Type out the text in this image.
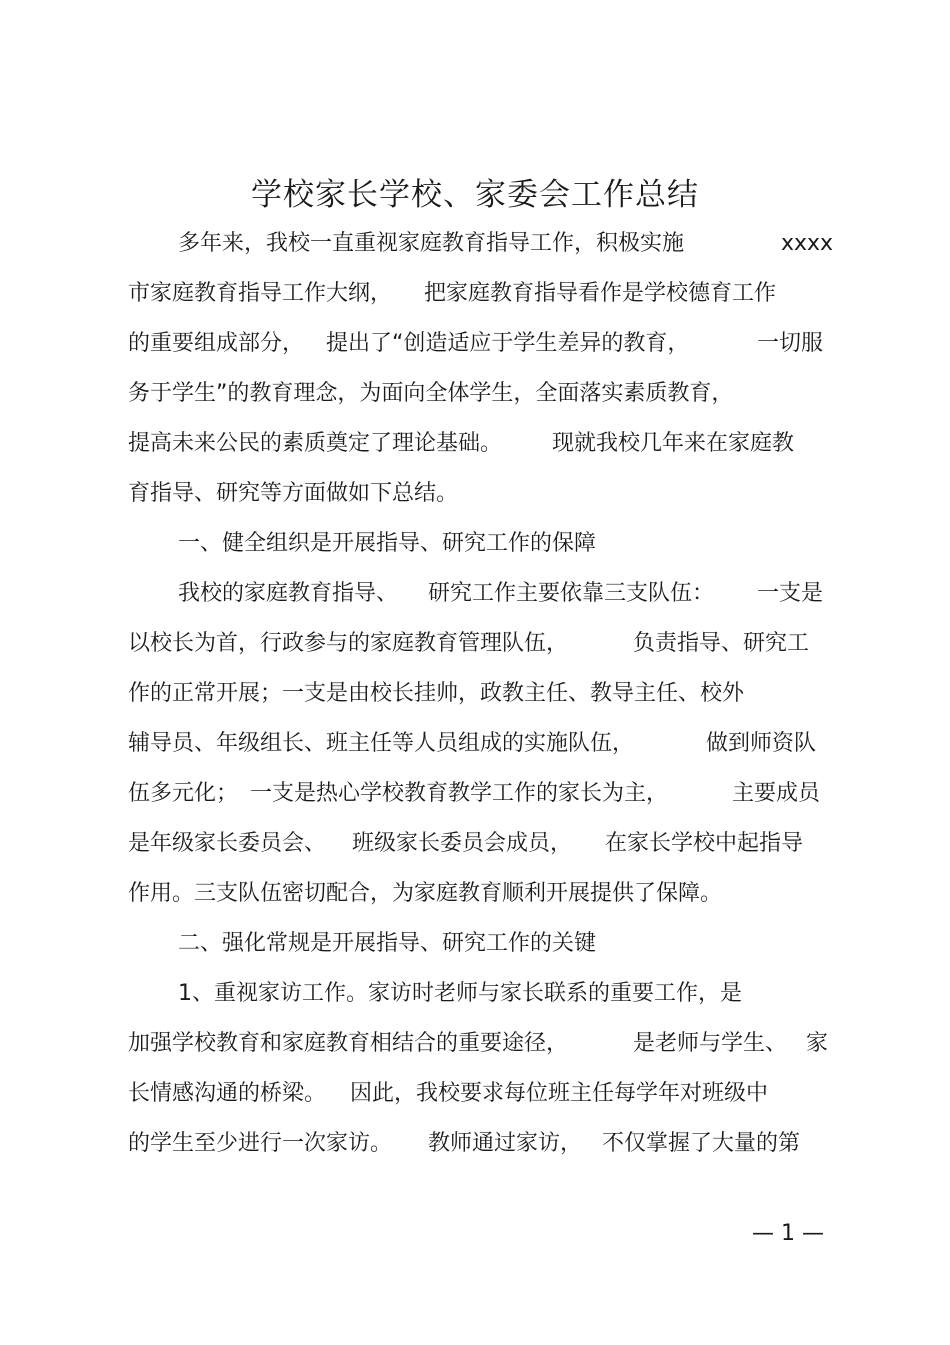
学校家长学校、家委会工作总结
多年来，我校一直重视家庭教育指导工作，积极实施	xxxx
市家庭教育指导工作大纲， 把家庭教育指导看作是学校德育工作
的重要组成部分， 提出了“创造适应于学生差异的教育，	一切服
务于学生”的教育理念，为面向全体学生，全面落实素质教育，
提高未来公民的素质奠定了理论基础。 现就我校几年来在家庭教
育指导、研究等方面做如下总结。
一、健全组织是开展指导、研究工作的保障
我校的家庭教育指导、 研究工作主要依靠三支队伍： 一支是
以校长为首，行政参与的家庭教育管理队伍，	负责指导、研究工
作的正常开展；一支是由校长挂帅，政教主任、教导主任、校外
辅导员、年级组长、班主任等人员组成的实施队伍，	做到师资队
伍多元化； 一支是热心学校教育教学工作的家长为主，	主要成员
是年级家长委员会、 班级家长委员会成员， 在家长学校中起指导
作用。三支队伍密切配合，为家庭教育顺利开展提供了保障。
二、强化常规是开展指导、研究工作的关键
1、重视家访工作。家访时老师与家长联系的重要工作，是
加强学校教育和家庭教育相结合的重要途径，	是老师与学生、 家
长情感沟通的桥梁。 因此，我校要求每位班主任每学年对班级中
的学生至少进行一次家访。 教师通过家访， 不仅掌握了大量的第
— 1 —
